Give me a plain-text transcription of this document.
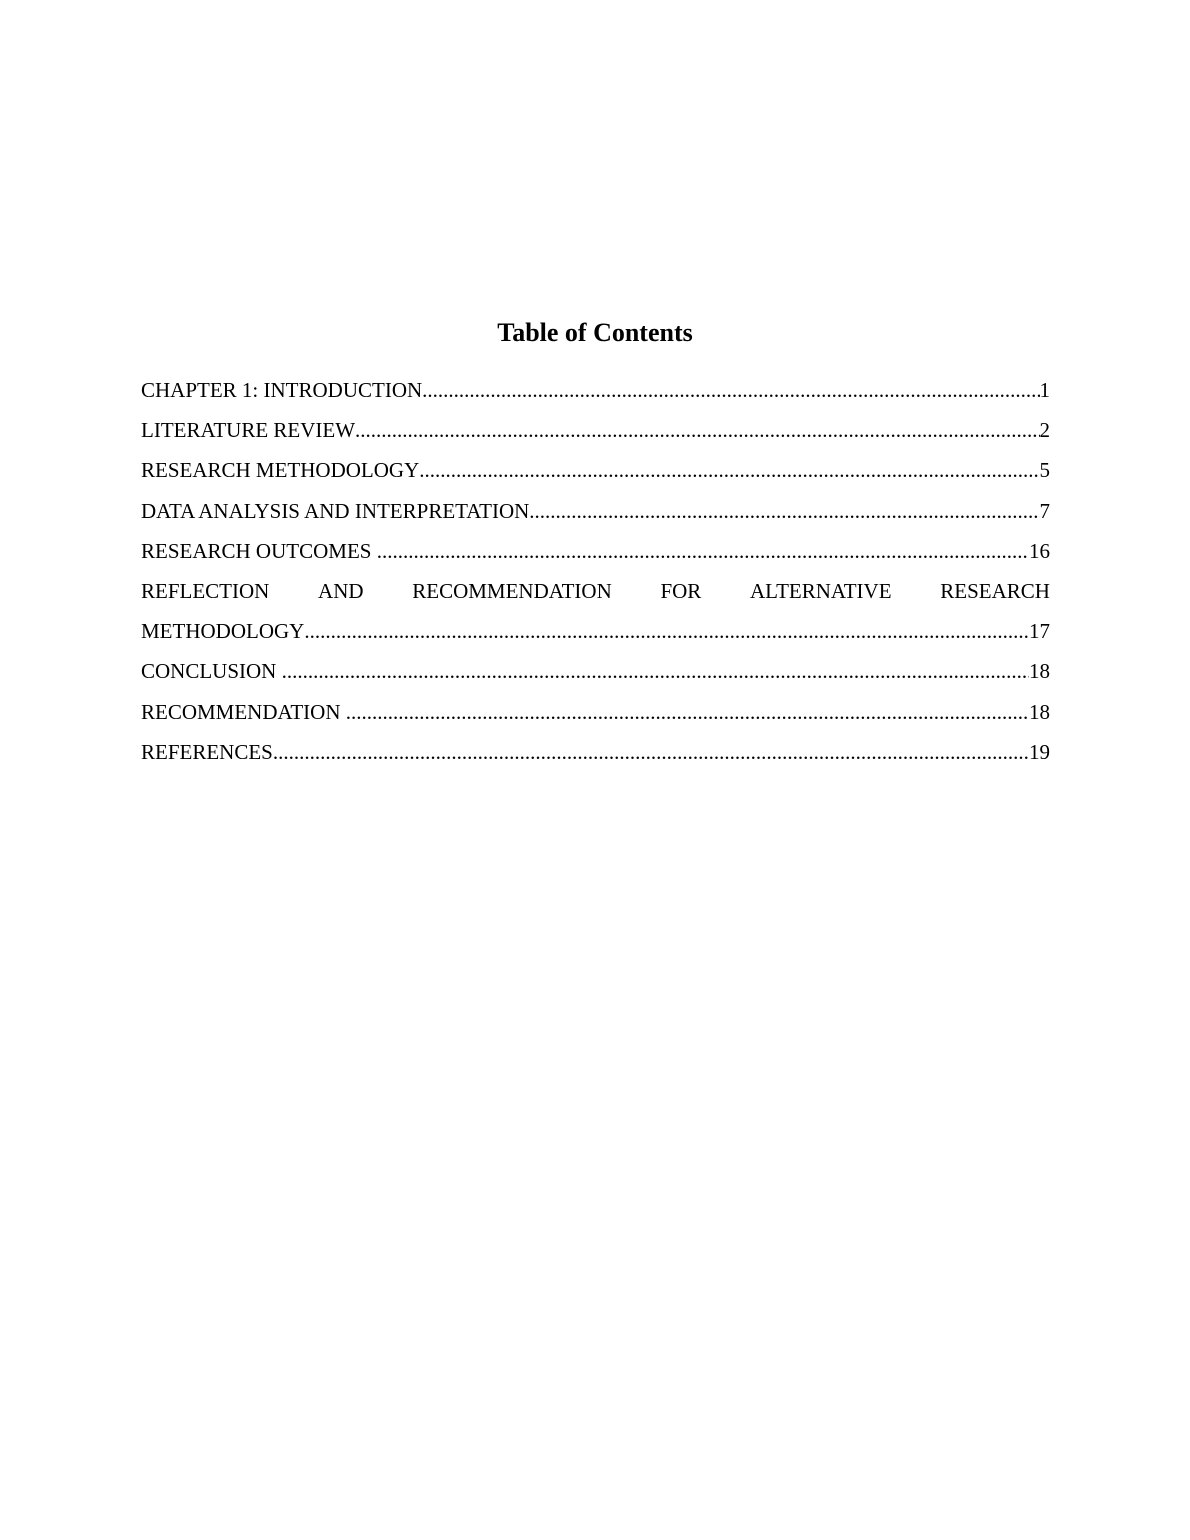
Table of Contents
CHAPTER 1: INTRODUCTION .....	1
LITERATURE REVIEW .....	2
RESEARCH METHODOLOGY .....	5
DATA ANALYSIS AND INTERPRETATION .....	7
RESEARCH OUTCOMES .....	16
REFLECTION AND RECOMMENDATION FOR ALTERNATIVE RESEARCH
METHODOLOGY .....	17
CONCLUSION .....	18
RECOMMENDATION .....	18
REFERENCES .....	19
